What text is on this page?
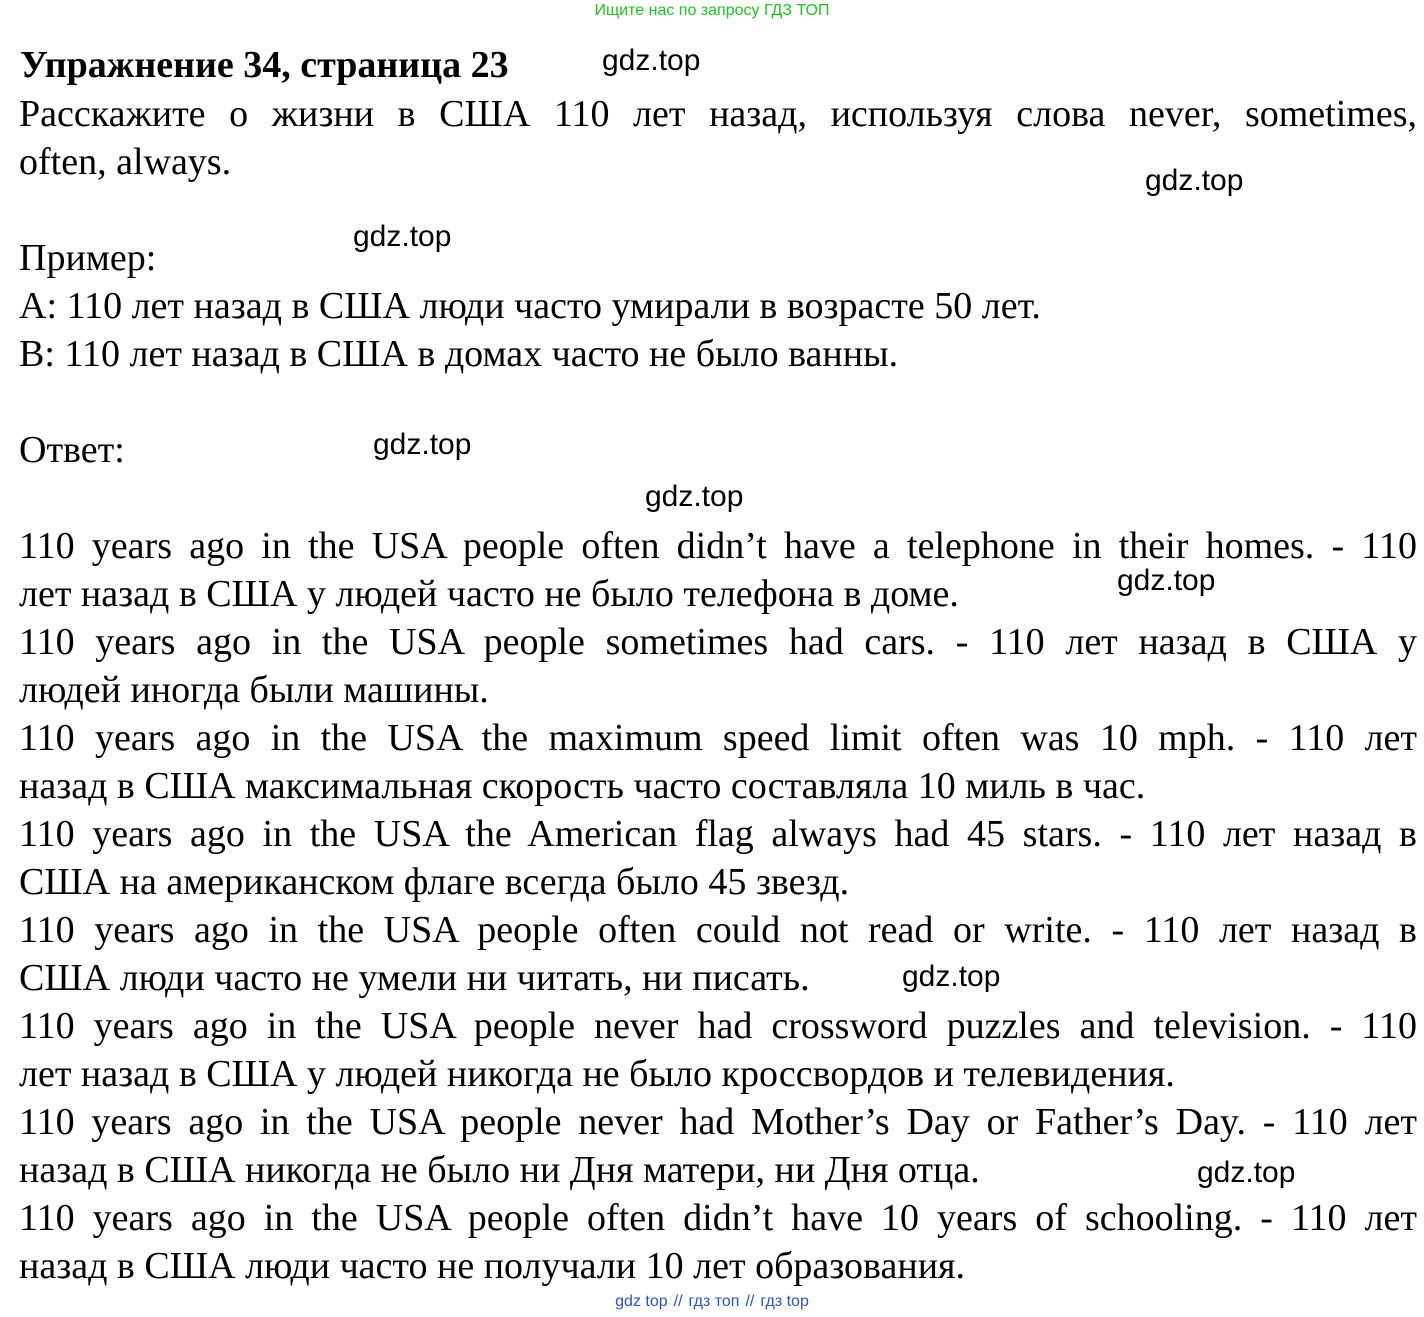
Ищите нас по запросу ГДЗ ТОП
Упражнение 34, страница 23
Расскажите о жизни в США 110 лет назад, используя слова never, sometimes,
often, always.
Пример:
А: 110 лет назад в США люди часто умирали в возрасте 50 лет.
В: 110 лет назад в США в домах часто не было ванны.
Ответ:
110 years ago in the USA people often didn’t have a telephone in their homes. - 110
лет назад в США у людей часто не было телефона в доме.
110 years ago in the USA people sometimes had cars. - 110 лет назад в США у
людей иногда были машины.
110 years ago in the USA the maximum speed limit often was 10 mph. - 110 лет
назад в США максимальная скорость часто составляла 10 миль в час.
110 years ago in the USA the American flag always had 45 stars. - 110 лет назад в
США на американском флаге всегда было 45 звезд.
110 years ago in the USA people often could not read or write. - 110 лет назад в
США люди часто не умели ни читать, ни писать.
110 years ago in the USA people never had crossword puzzles and television. - 110
лет назад в США у людей никогда не было кроссвордов и телевидения.
110 years ago in the USA people never had Mother’s Day or Father’s Day. - 110 лет
назад в США никогда не было ни Дня матери, ни Дня отца.
110 years ago in the USA people often didn’t have 10 years of schooling. - 110 лет
назад в США люди часто не получали 10 лет образования.
gdz.top
gdz.top
gdz.top
gdz.top
gdz.top
gdz.top
gdz.top
gdz.top
gdz top // гдз топ // гдз top
